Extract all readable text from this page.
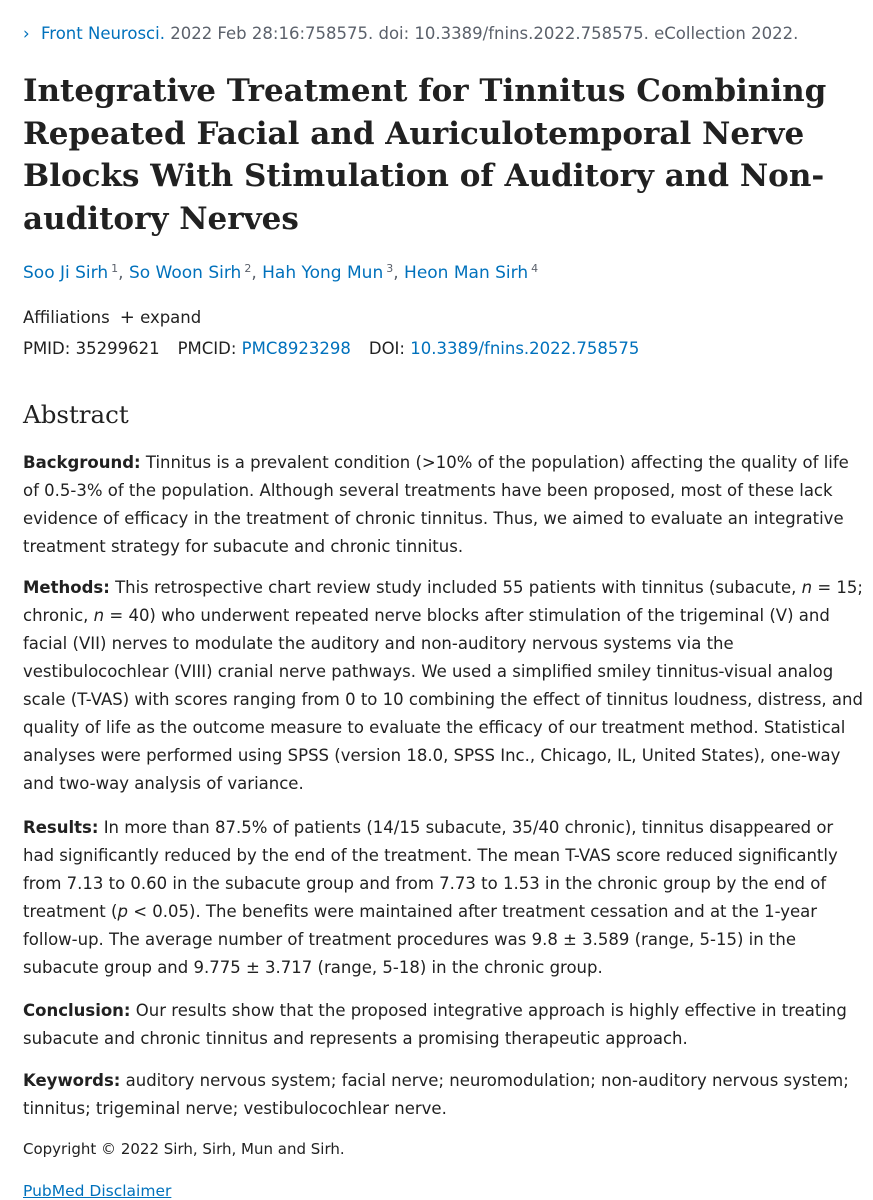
› Front Neurosci. 2022 Feb 28:16:758575. doi: 10.3389/fnins.2022.758575. eCollection 2022.
Integrative Treatment for Tinnitus Combining Repeated Facial and Auriculotemporal Nerve Blocks With Stimulation of Auditory and Non-auditory Nerves
Soo Ji Sirh $^1$, So Woon Sirh $^2$, Hah Yong Mun $^3$, Heon Man Sirh $^4$
Affiliations + expand
PMID: 35299621 PMCID: PMC8923298 DOI: 10.3389/fnins.2022.758575
Abstract

Background: Tinnitus is a prevalent condition (>10% of the population) affecting the quality of life of 0.5-3% of the population. Although several treatments have been proposed, most of these lack evidence of efficacy in the treatment of chronic tinnitus. Thus, we aimed to evaluate an integrative treatment strategy for subacute and chronic tinnitus.

Methods: This retrospective chart review study included 55 patients with tinnitus (subacute, n = 15; chronic, n = 40) who underwent repeated nerve blocks after stimulation of the trigeminal (V) and facial (VII) nerves to modulate the auditory and non-auditory nervous systems via the vestibulocochlear (VIII) cranial nerve pathways. We used a simplified smiley tinnitus-visual analog scale (T-VAS) with scores ranging from 0 to 10 combining the effect of tinnitus loudness, distress, and quality of life as the outcome measure to evaluate the efficacy of our treatment method. Statistical analyses were performed using SPSS (version 18.0, SPSS Inc., Chicago, IL, United States), one-way and two-way analysis of variance.

Results: In more than 87.5% of patients (14/15 subacute, 35/40 chronic), tinnitus disappeared or had significantly reduced by the end of the treatment. The mean T-VAS score reduced significantly from 7.13 to 0.60 in the subacute group and from 7.73 to 1.53 in the chronic group by the end of treatment (p < 0.05). The benefits were maintained after treatment cessation and at the 1-year follow-up. The average number of treatment procedures was 9.8 ± 3.589 (range, 5-15) in the subacute group and 9.775 ± 3.717 (range, 5-18) in the chronic group.

Conclusion: Our results show that the proposed integrative approach is highly effective in treating subacute and chronic tinnitus and represents a promising therapeutic approach.

Keywords: auditory nervous system; facial nerve; neuromodulation; non-auditory nervous system; tinnitus; trigeminal nerve; vestibulocochlear nerve.

Copyright © 2022 Sirh, Sirh, Mun and Sirh.
PubMed Disclaimer
